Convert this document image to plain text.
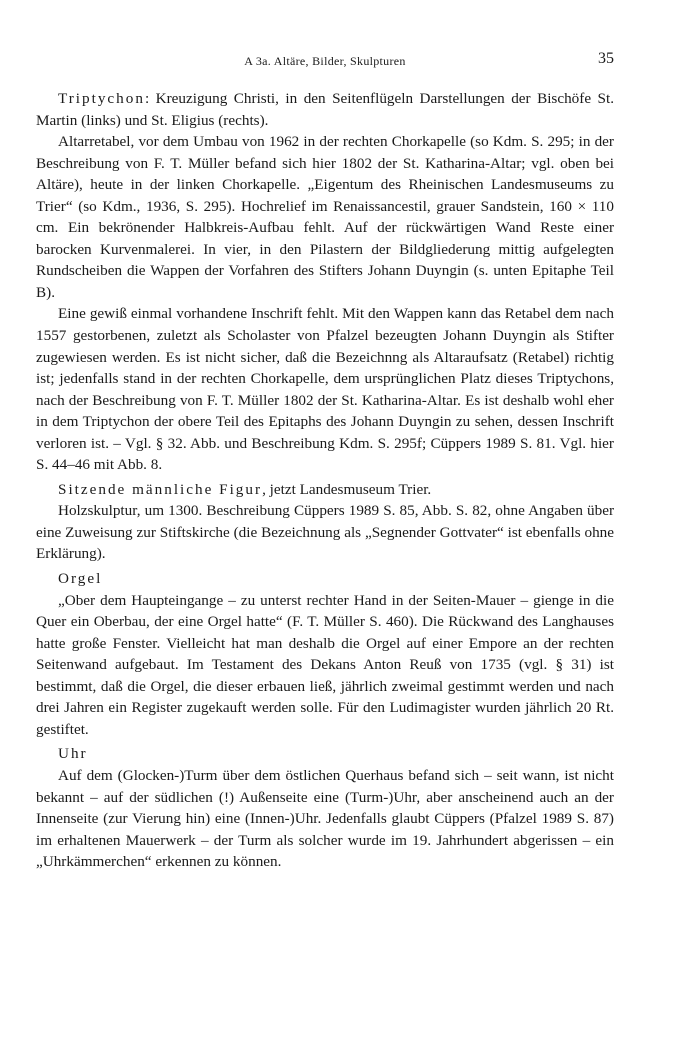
A 3a. Altäre, Bilder, Skulpturen	35

Triptychon: Kreuzigung Christi, in den Seitenflügeln Darstellungen der Bischöfe St. Martin (links) und St. Eligius (rechts).

Altarretabel, vor dem Umbau von 1962 in der rechten Chorkapelle (so Kdm. S. 295; in der Beschreibung von F. T. Müller befand sich hier 1802 der St. Katharina-Altar; vgl. oben bei Altäre), heute in der linken Chorkapelle. „Eigentum des Rheinischen Landesmuseums zu Trier“ (so Kdm., 1936, S. 295). Hochrelief im Renaissancestil, grauer Sandstein, 160 × 110 cm. Ein bekrönender Halbkreis-Aufbau fehlt. Auf der rückwärtigen Wand Reste einer barocken Kurvenmalerei. In vier, in den Pilastern der Bildgliederung mittig aufgelegten Rundscheiben die Wappen der Vorfahren des Stifters Johann Duyngin (s. unten Epitaphe Teil B).

Eine gewiß einmal vorhandene Inschrift fehlt. Mit den Wappen kann das Retabel dem nach 1557 gestorbenen, zuletzt als Scholaster von Pfalzel bezeugten Johann Duyngin als Stifter zugewiesen werden. Es ist nicht sicher, daß die Bezeichnng als Altaraufsatz (Retabel) richtig ist; jedenfalls stand in der rechten Chorkapelle, dem ursprünglichen Platz dieses Triptychons, nach der Beschreibung von F. T. Müller 1802 der St. Katharina-Altar. Es ist deshalb wohl eher in dem Triptychon der obere Teil des Epitaphs des Johann Duyngin zu sehen, dessen Inschrift verloren ist. – Vgl. § 32. Abb. und Beschreibung Kdm. S. 295f; Cüppers 1989 S. 81. Vgl. hier S. 44–46 mit Abb. 8.

Sitzende männliche Figur, jetzt Landesmuseum Trier.

Holzskulptur, um 1300. Beschreibung Cüppers 1989 S. 85, Abb. S. 82, ohne Angaben über eine Zuweisung zur Stiftskirche (die Bezeichnung als „Segnender Gottvater“ ist ebenfalls ohne Erklärung).

Orgel

„Ober dem Haupteingange – zu unterst rechter Hand in der Seiten-Mauer – gienge in die Quer ein Oberbau, der eine Orgel hatte“ (F. T. Müller S. 460). Die Rückwand des Langhauses hatte große Fenster. Vielleicht hat man deshalb die Orgel auf einer Empore an der rechten Seitenwand aufgebaut. Im Testament des Dekans Anton Reuß von 1735 (vgl. § 31) ist bestimmt, daß die Orgel, die dieser erbauen ließ, jährlich zweimal gestimmt werden und nach drei Jahren ein Register zugekauft werden solle. Für den Ludimagister wurden jährlich 20 Rt. gestiftet.

Uhr

Auf dem (Glocken-)Turm über dem östlichen Querhaus befand sich – seit wann, ist nicht bekannt – auf der südlichen (!) Außenseite eine (Turm-)Uhr, aber anscheinend auch an der Innenseite (zur Vierung hin) eine (Innen-)Uhr. Jedenfalls glaubt Cüppers (Pfalzel 1989 S. 87) im erhaltenen Mauerwerk – der Turm als solcher wurde im 19. Jahrhundert abgerissen – ein „Uhrkämmerchen“ erkennen zu können.
